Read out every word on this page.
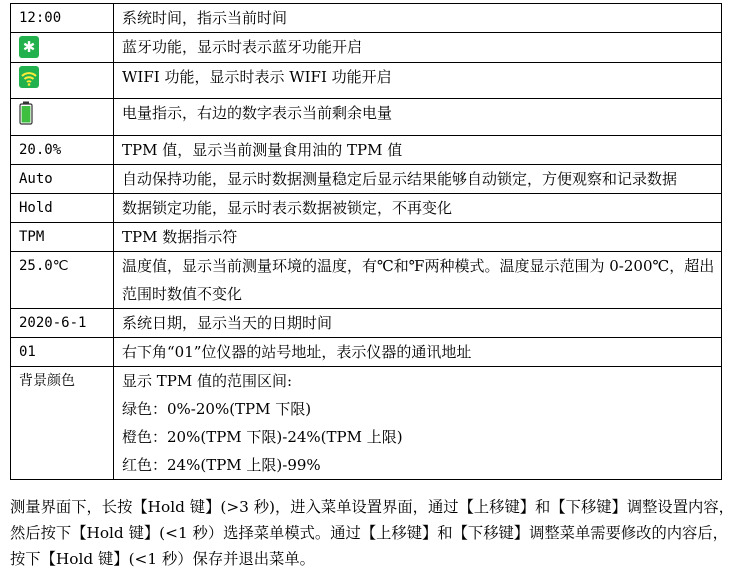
12:00	系统时间，指示当前时间
✱	蓝牙功能，显示时表示蓝牙功能开启

	WIFI 功能，显示时表示 WIFI 功能开启

	电量指示，右边的数字表示当前剩余电量
20.0%	TPM 值，显示当前测量食用油的 TPM 值
Auto	自动保持功能，显示时数据测量稳定后显示结果能够自动锁定，方便观察和记录数据
Hold	数据锁定功能，显示时表示数据被锁定，不再变化
TPM	TPM 数据指示符
25.0℃	温度值，显示当前测量环境的温度，有℃和℉两种模式。温度显示范围为 0-200℃，超出范围时数值不变化
2020-6-1	系统日期，显示当天的日期时间
01	右下角“01”位仪器的站号地址，表示仪器的通讯地址
背景颜色	显示 TPM 值的范围区间:
绿色：0%-20%(TPM 下限)
橙色：20%(TPM 下限)-24%(TPM 上限)
红色：24%(TPM 上限)-99%

测量界面下，长按【Hold 键】(>3 秒)，进入菜单设置界面，通过【上移键】和【下移键】调整设置内容，然后按下【Hold 键】(<1 秒）选择菜单模式。通过【上移键】和【下移键】调整菜单需要修改的内容后，按下【Hold 键】(<1 秒）保存并退出菜单。
